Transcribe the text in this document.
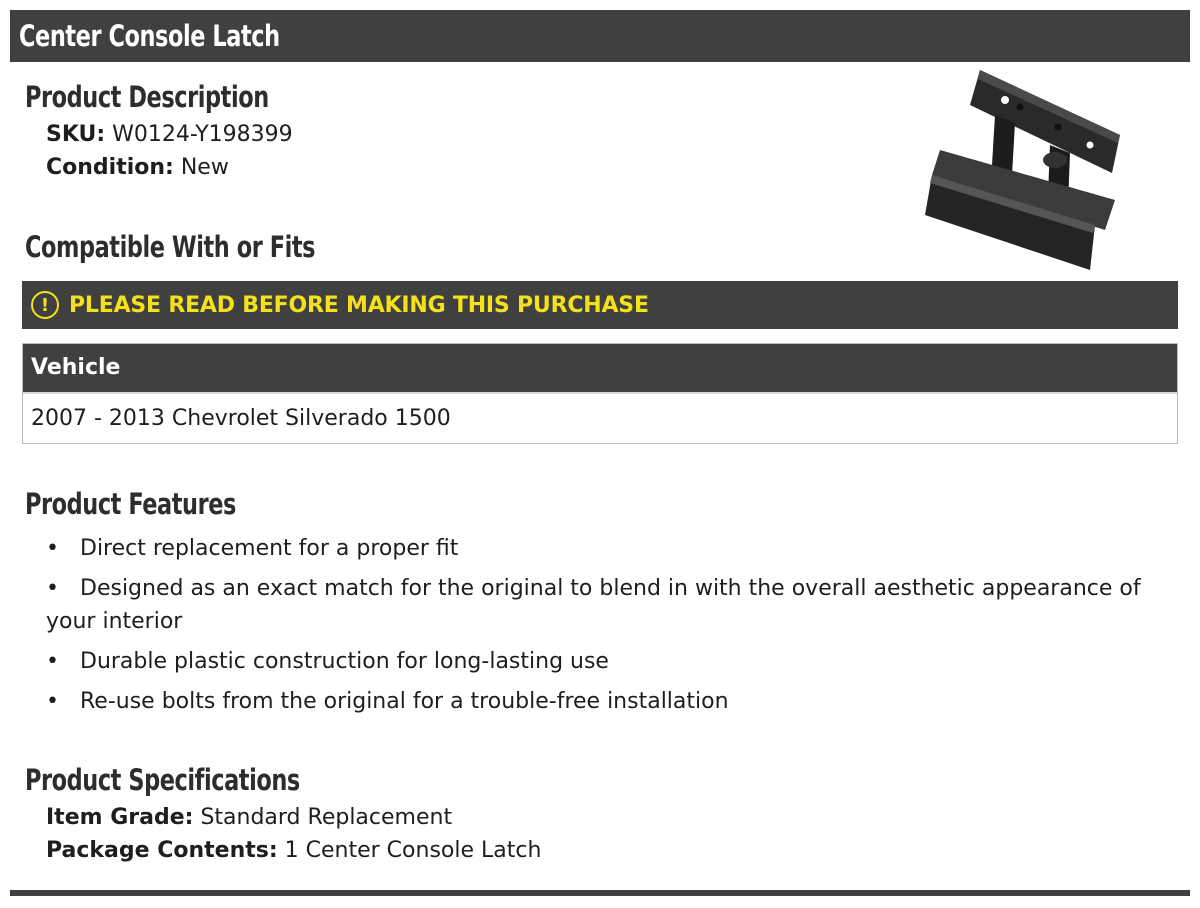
Center Console Latch
Product Description
SKU: W0124-Y198399
Condition: New
Compatible With or Fits
! PLEASE READ BEFORE MAKING THIS PURCHASE
Vehicle
2007 - 2013 Chevrolet Silverado 1500
Product Features
• Direct replacement for a proper fit
• Designed as an exact match for the original to blend in with the overall aesthetic appearance of your interior
• Durable plastic construction for long-lasting use
• Re-use bolts from the original for a trouble-free installation
Product Specifications
Item Grade: Standard Replacement
Package Contents: 1 Center Console Latch
